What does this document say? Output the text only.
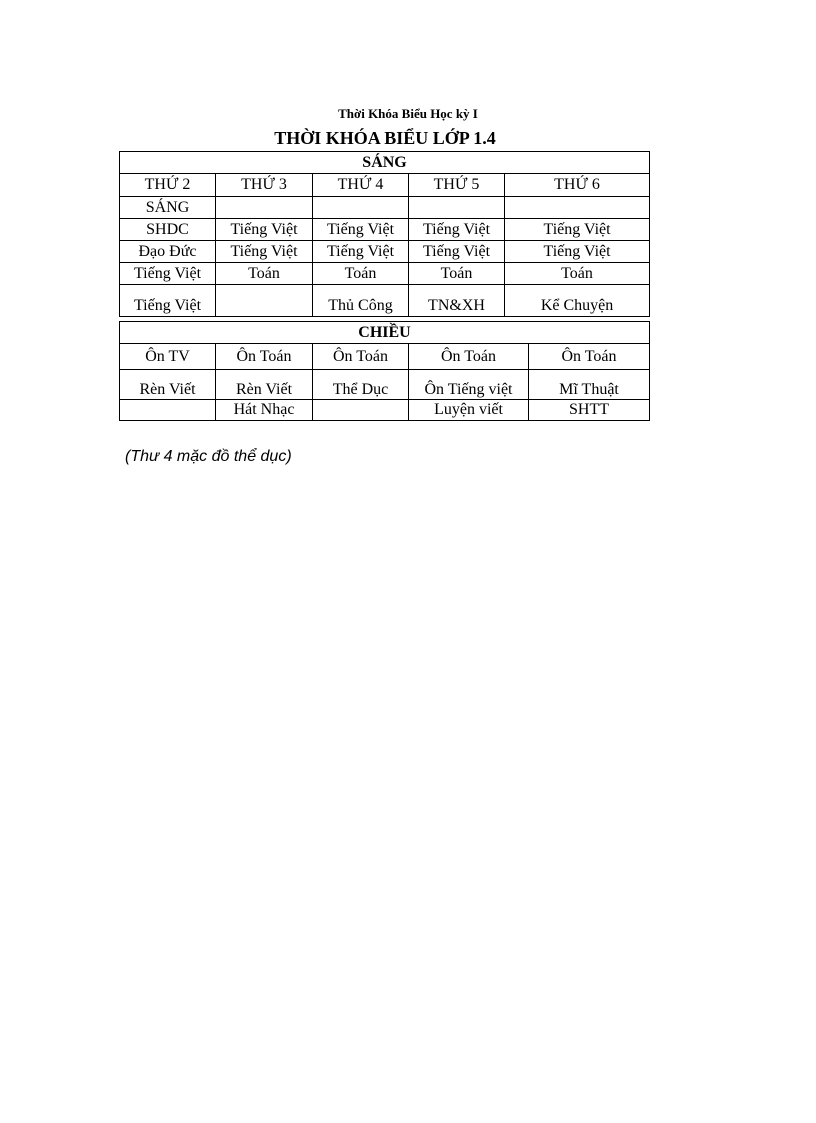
Thời Khóa Biểu Học kỳ I
THỜI KHÓA BIỂU LỚP 1.4
SÁNG				
THỨ 2	THỨ 3	THỨ 4	THỨ 5	THỨ 6
SÁNG				
SHDC	Tiếng Việt	Tiếng Việt	Tiếng Việt	Tiếng Việt
Đạo Đức	Tiếng Việt	Tiếng Việt	Tiếng Việt	Tiếng Việt
Tiếng Việt	Toán	Toán	Toán	Toán
Tiếng Việt		Thủ Công	TN&XH	Kể Chuyện
CHIỀU				
Ôn TV	Ôn Toán	Ôn Toán	Ôn Toán	Ôn Toán
Rèn Viết	Rèn Viết	Thể Dục	Ôn Tiếng việt	Mĩ Thuật
	Hát Nhạc		Luyện viết	SHTT
(Thư 4 mặc đồ thể dục)
